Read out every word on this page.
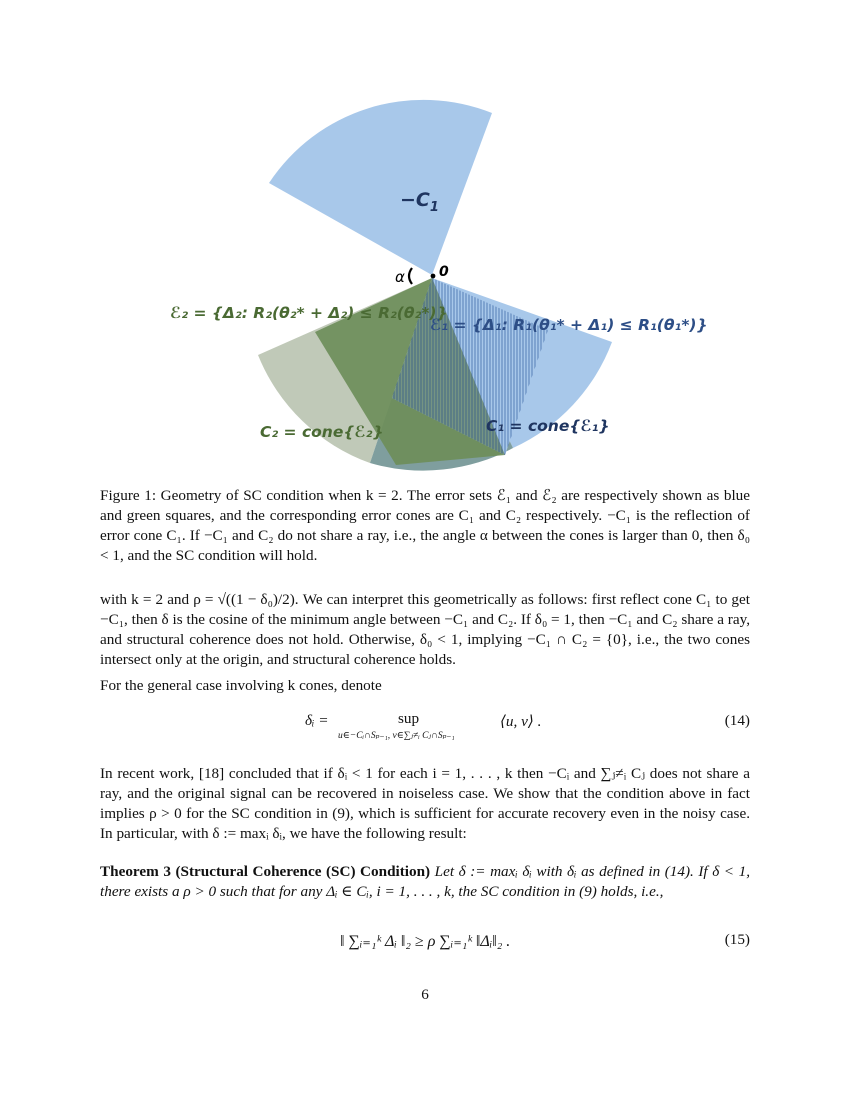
$-C_1$
α 0
ℰ₂ = {Δ₂: R₂(θ₂* + Δ₂) ≤ R₂(θ₂*)}
ℰ₁ = {Δ₁: R₁(θ₁* + Δ₁) ≤ R₁(θ₁*)}
C₂ = cone{ℰ₂}	C₁ = cone{ℰ₁}
Figure 1: Geometry of SC condition when k = 2. The error sets ℰ₁ and ℰ₂ are respectively shown as blue and green squares, and the corresponding error cones are C₁ and C₂ respectively. −C₁ is the reflection of error cone C₁. If −C₁ and C₂ do not share a ray, i.e., the angle α between the cones is larger than 0, then δ₀ < 1, and the SC condition will hold.

with k = 2 and ρ = √((1 − δ₀)/2). We can interpret this geometrically as follows: first reflect cone C₁ to get −C₁, then δ is the cosine of the minimum angle between −C₁ and C₂. If δ₀ = 1, then −C₁ and C₂ share a ray, and structural coherence does not hold. Otherwise, δ₀ < 1, implying −C₁ ∩ C₂ = {0}, i.e., the two cones intersect only at the origin, and structural coherence holds.

For the general case involving k cones, denote

δᵢ =	sup
u∈−Cᵢ∩Sₚ₋₁, v∈∑ⱼ≠ᵢ Cⱼ∩Sₚ₋₁
⟨u, v⟩ .	(14)

In recent work, [18] concluded that if δᵢ < 1 for each i = 1, . . . , k then −Cᵢ and ∑ⱼ≠ᵢ Cⱼ does not share a ray, and the original signal can be recovered in noiseless case. We show that the condition above in fact implies ρ > 0 for the SC condition in (9), which is sufficient for accurate recovery even in the noisy case. In particular, with δ := maxᵢ δᵢ, we have the following result:

Theorem 3 (Structural Coherence (SC) Condition) Let δ := maxᵢ δᵢ with δᵢ as defined in (14). If δ < 1, there exists a ρ > 0 such that for any Δᵢ ∈ Cᵢ, i = 1, . . . , k, the SC condition in (9) holds, i.e.,

‖ ∑ᵢ₌₁ᵏ Δᵢ ‖₂ ≥ ρ ∑ᵢ₌₁ᵏ ‖Δᵢ‖₂ .	(15)
6
